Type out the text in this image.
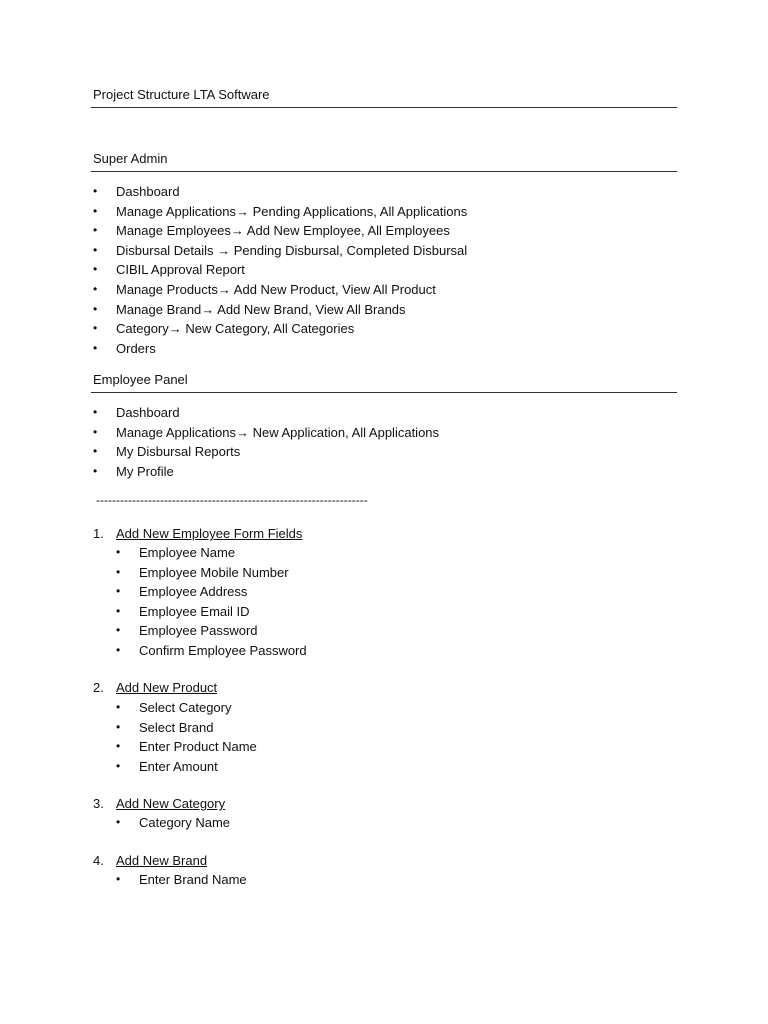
Project Structure LTA Software
Super Admin
• Dashboard
• Manage Applications→ Pending Applications, All Applications
• Manage Employees→ Add New Employee, All Employees
• Disbursal Details → Pending Disbursal, Completed Disbursal
• CIBIL Approval Report
• Manage Products→ Add New Product, View All Product
• Manage Brand→ Add New Brand, View All Brands
• Category→ New Category, All Categories
• Orders
Employee Panel
• Dashboard
• Manage Applications→ New Application, All Applications
• My Disbursal Reports
• My Profile
--------------------------------------------------------------------
1. Add New Employee Form Fields
• Employee Name
• Employee Mobile Number
• Employee Address
• Employee Email ID
• Employee Password
• Confirm Employee Password
2. Add New Product
• Select Category
• Select Brand
• Enter Product Name
• Enter Amount
3. Add New Category
• Category Name
4. Add New Brand
• Enter Brand Name
